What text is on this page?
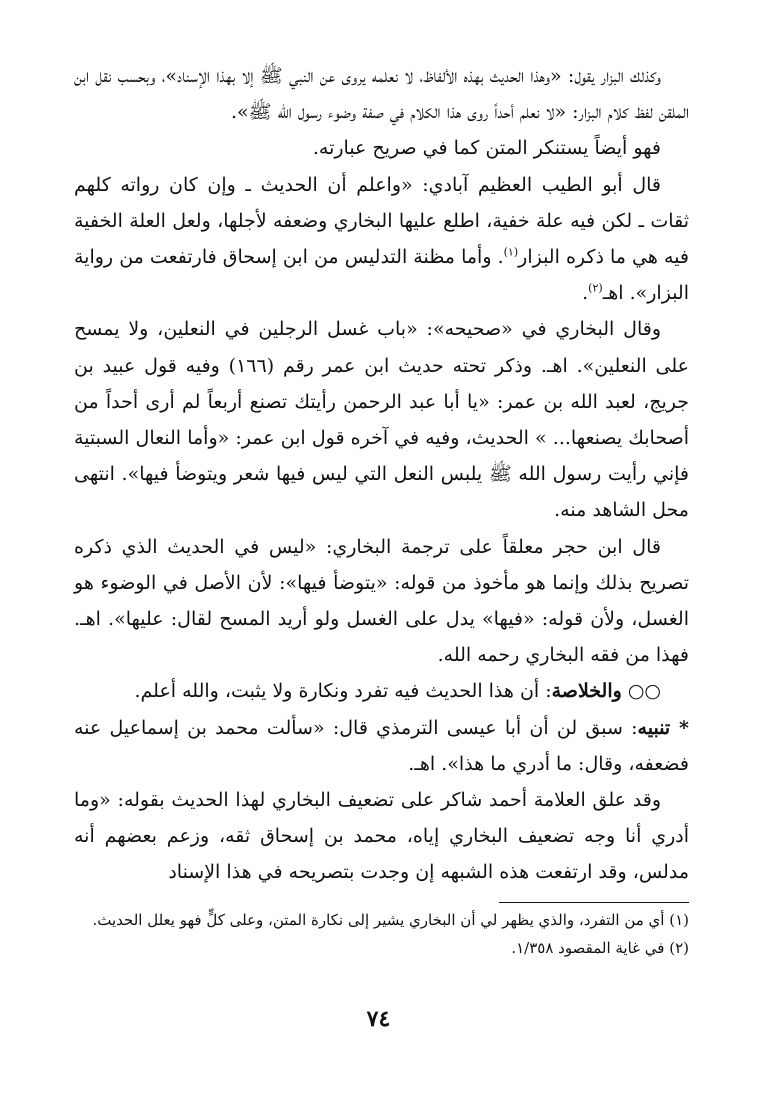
وكذلك البزار يقول: «وهذا الحديث بهذه الألفاظ، لا نعلمه يروى عن النبي ﷺ إلا بهذا الإسناد»، وبحسب نقل ابن الملقن لفظ كلام البزار: «لا نعلم أحداً روى هذا الكلام في صفة وضوء رسول الله ﷺ».

فهو أيضاً يستنكر المتن كما في صريح عبارته.

قال أبو الطيب العظيم آبادي: «واعلم أن الحديث ـ وإن كان رواته كلهم ثقات ـ لكن فيه علة خفية، اطلع عليها البخاري وضعفه لأجلها، ولعل العلة الخفية فيه هي ما ذكره البزار$^{(١)}$. وأما مظنة التدليس من ابن إسحاق فارتفعت من رواية البزار». اهـ$^{(٢)}$.

وقال البخاري في «صحيحه»: «باب غسل الرجلين في النعلين، ولا يمسح على النعلين». اهـ. وذكر تحته حديث ابن عمر رقم (١٦٦) وفيه قول عبيد بن جريج، لعبد الله بن عمر: «يا أبا عبد الرحمن رأيتك تصنع أربعاً لم أرى أحداً من أصحابك يصنعها... » الحديث، وفيه في آخره قول ابن عمر: «وأما النعال السبتية فإني رأيت رسول الله ﷺ يلبس النعل التي ليس فيها شعر ويتوضأ فيها». انتهى محل الشاهد منه.

قال ابن حجر معلقاً على ترجمة البخاري: «ليس في الحديث الذي ذكره تصريح بذلك وإنما هو مأخوذ من قوله: «يتوضأ فيها»: لأن الأصل في الوضوء هو الغسل، ولأن قوله: «فيها» يدل على الغسل ولو أريد المسح لقال: عليها». اهـ. فهذا من فقه البخاري رحمه الله.

○○ والخلاصة: أن هذا الحديث فيه تفرد ونكارة ولا يثبت، والله أعلم.

* تنبيه: سبق لن أن أبا عيسى الترمذي قال: «سألت محمد بن إسماعيل عنه فضعفه، وقال: ما أدري ما هذا». اهـ.

وقد علق العلامة أحمد شاكر على تضعيف البخاري لهذا الحديث بقوله: «وما أدري أنا وجه تضعيف البخاري إياه، محمد بن إسحاق ثقه، وزعم بعضهم أنه مدلس، وقد ارتفعت هذه الشبهه إن وجدت بتصريحه في هذا الإسناد

(١) أي من التفرد، والذي يظهر لي أن البخاري يشير إلى نكارة المتن، وعلى كلٍّ فهو يعلل الحديث.

(٢) في غاية المقصود ١/٣٥٨.

٧٤
